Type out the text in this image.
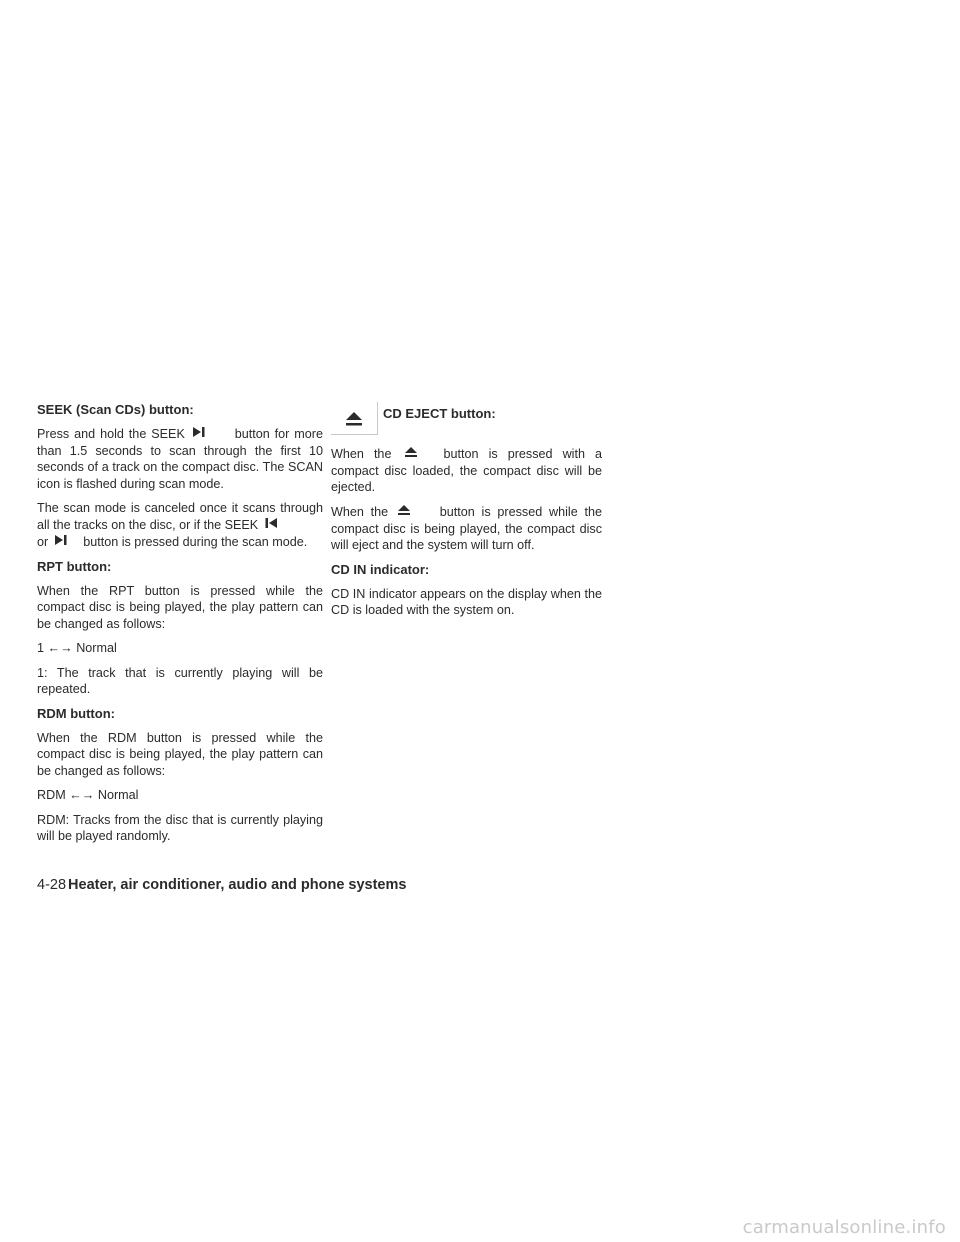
SEEK (Scan CDs) button:

Press and hold the SEEK	button for more than 1.5 seconds to scan through the first 10 seconds of a track on the compact disc. The SCAN icon is flashed during scan mode.

The scan mode is canceled once it scans through all the tracks on the disc, or if the SEEK
or	button is pressed during the scan mode.

RPT button:

When the RPT button is pressed while the compact disc is being played, the play pattern can be changed as follows:

1 ←→ Normal

1: The track that is currently playing will be repeated.

RDM button:

When the RDM button is pressed while the compact disc is being played, the play pattern can be changed as follows:

RDM ←→ Normal

RDM: Tracks from the disc that is currently playing will be played randomly.

CD EJECT button:

When the	button is pressed with a compact disc loaded, the compact disc will be ejected.

When the	button is pressed while the compact disc is being played, the compact disc will eject and the system will turn off.

CD IN indicator:

CD IN indicator appears on the display when the CD is loaded with the system on.

4-28 Heater, air conditioner, audio and phone systems
carmanualsonline.info
